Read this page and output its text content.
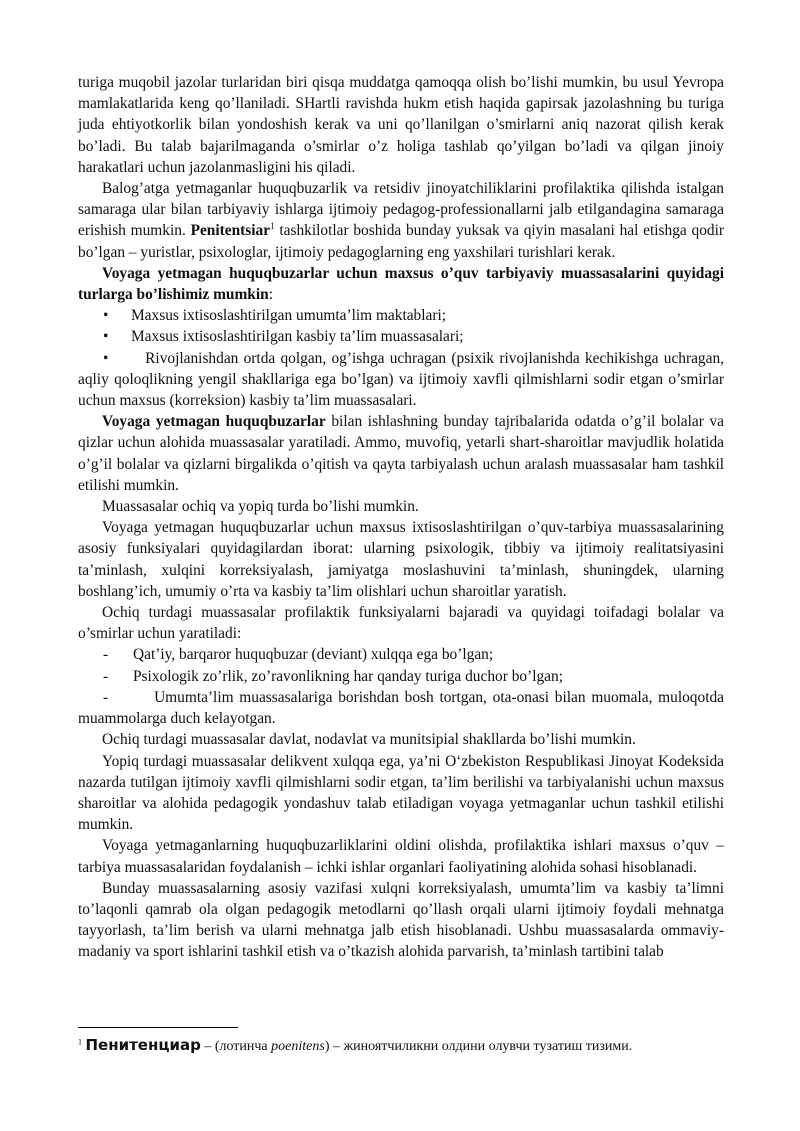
turiga muqobil jazolar turlaridan biri qisqa muddatga qamoqqa olish bo’lishi mumkin, bu usul Yevropa mamlakatlarida keng qo’llaniladi. SHartli ravishda hukm etish haqida gapirsak jazolashning bu turiga juda ehtiyotkorlik bilan yondoshish kerak va uni qo’llanilgan o’smirlarni aniq nazorat qilish kerak bo’ladi. Bu talab bajarilmaganda o’smirlar o’z holiga tashlab qo’yilgan bo’ladi va qilgan jinoiy harakatlari uchun jazolanmasligini his qiladi.

Balog’atga yetmaganlar huquqbuzarlik va retsidiv jinoyatchiliklarini profilaktika qilishda istalgan samaraga ular bilan tarbiyaviy ishlarga ijtimoiy pedagog-professionallarni jalb etilgandagina samaraga erishish mumkin. Penitentsiar$^1$ tashkilotlar boshida bunday yuksak va qiyin masalani hal etishga qodir bo’lgan – yuristlar, psixologlar, ijtimoiy pedagoglarning eng yaxshilari turishlari kerak.

Voyaga yetmagan huquqbuzarlar uchun maxsus o’quv tarbiyaviy muassasalarini quyidagi turlarga bo’lishimiz mumkin:

•	Maxsus ixtisoslashtirilgan umumta’lim maktablari;

•	Maxsus ixtisoslashtirilgan kasbiy ta’lim muassasalari;

• Rivojlanishdan ortda qolgan, og’ishga uchragan (psixik rivojlanishda kechikishga uchragan, aqliy qoloqlikning yengil shakllariga ega bo’lgan) va ijtimoiy xavfli qilmishlarni sodir etgan o’smirlar uchun maxsus (korreksion) kasbiy ta’lim muassasalari.

Voyaga yetmagan huquqbuzarlar bilan ishlashning bunday tajribalarida odatda o’g’il bolalar va qizlar uchun alohida muassasalar yaratiladi. Ammo, muvofiq, yetarli shart-sharoitlar mavjudlik holatida o’g’il bolalar va qizlarni birgalikda o’qitish va qayta tarbiyalash uchun aralash muassasalar ham tashkil etilishi mumkin.

Muassasalar ochiq va yopiq turda bo’lishi mumkin.

Voyaga yetmagan huquqbuzarlar uchun maxsus ixtisoslashtirilgan o’quv-tarbiya muassasalarining asosiy funksiyalari quyidagilardan iborat: ularning psixologik, tibbiy va ijtimoiy realitatsiyasini ta’minlash, xulqini korreksiyalash, jamiyatga moslashuvini taʼminlash, shuningdek, ularning boshlang’ich, umumiy o’rta va kasbiy ta’lim olishlari uchun sharoitlar yaratish.

Ochiq turdagi muassasalar profilaktik funksiyalarni bajaradi va quyidagi toifadagi bolalar va o’smirlar uchun yaratiladi:

-	Qat’iy, barqaror huquqbuzar (deviant) xulqqa ega bo’lgan;

-	Psixologik zo’rlik, zo’ravonlikning har qanday turiga duchor bo’lgan;

-	Umumta’lim muassasalariga borishdan bosh tortgan, ota-onasi bilan muomala, muloqotda muammolarga duch kelayotgan.

Ochiq turdagi muassasalar davlat, nodavlat va munitsipial shakllarda bo’lishi mumkin.

Yopiq turdagi muassasalar delikvent xulqqa ega, ya’ni O‘zbekiston Respublikasi Jinoyat Kodeksida nazarda tutilgan ijtimoiy xavfli qilmishlarni sodir etgan, ta’lim berilishi va tarbiyalanishi uchun maxsus sharoitlar va alohida pedagogik yondashuv talab etiladigan voyaga yetmaganlar uchun tashkil etilishi mumkin.

Voyaga yetmaganlarning huquqbuzarliklarini oldini olishda, profilaktika ishlari maxsus o’quv – tarbiya muassasalaridan foydalanish – ichki ishlar organlari faoliyatining alohida sohasi hisoblanadi.

Bunday muassasalarning asosiy vazifasi xulqni korreksiyalash, umumta’lim va kasbiy ta’limni to’laqonli qamrab ola olgan pedagogik metodlarni qo’llash orqali ularni ijtimoiy foydali mehnatga tayyorlash, ta’lim berish va ularni mehnatga jalb etish hisoblanadi. Ushbu muassasalarda ommaviy-madaniy va sport ishlarini tashkil etish va o’tkazish alohida parvarish, ta’minlash tartibini talab

$^1$ Пенитенциар – (лотинча poenitens) – жиноятчиликни олдини олувчи тузатиш тизими.
